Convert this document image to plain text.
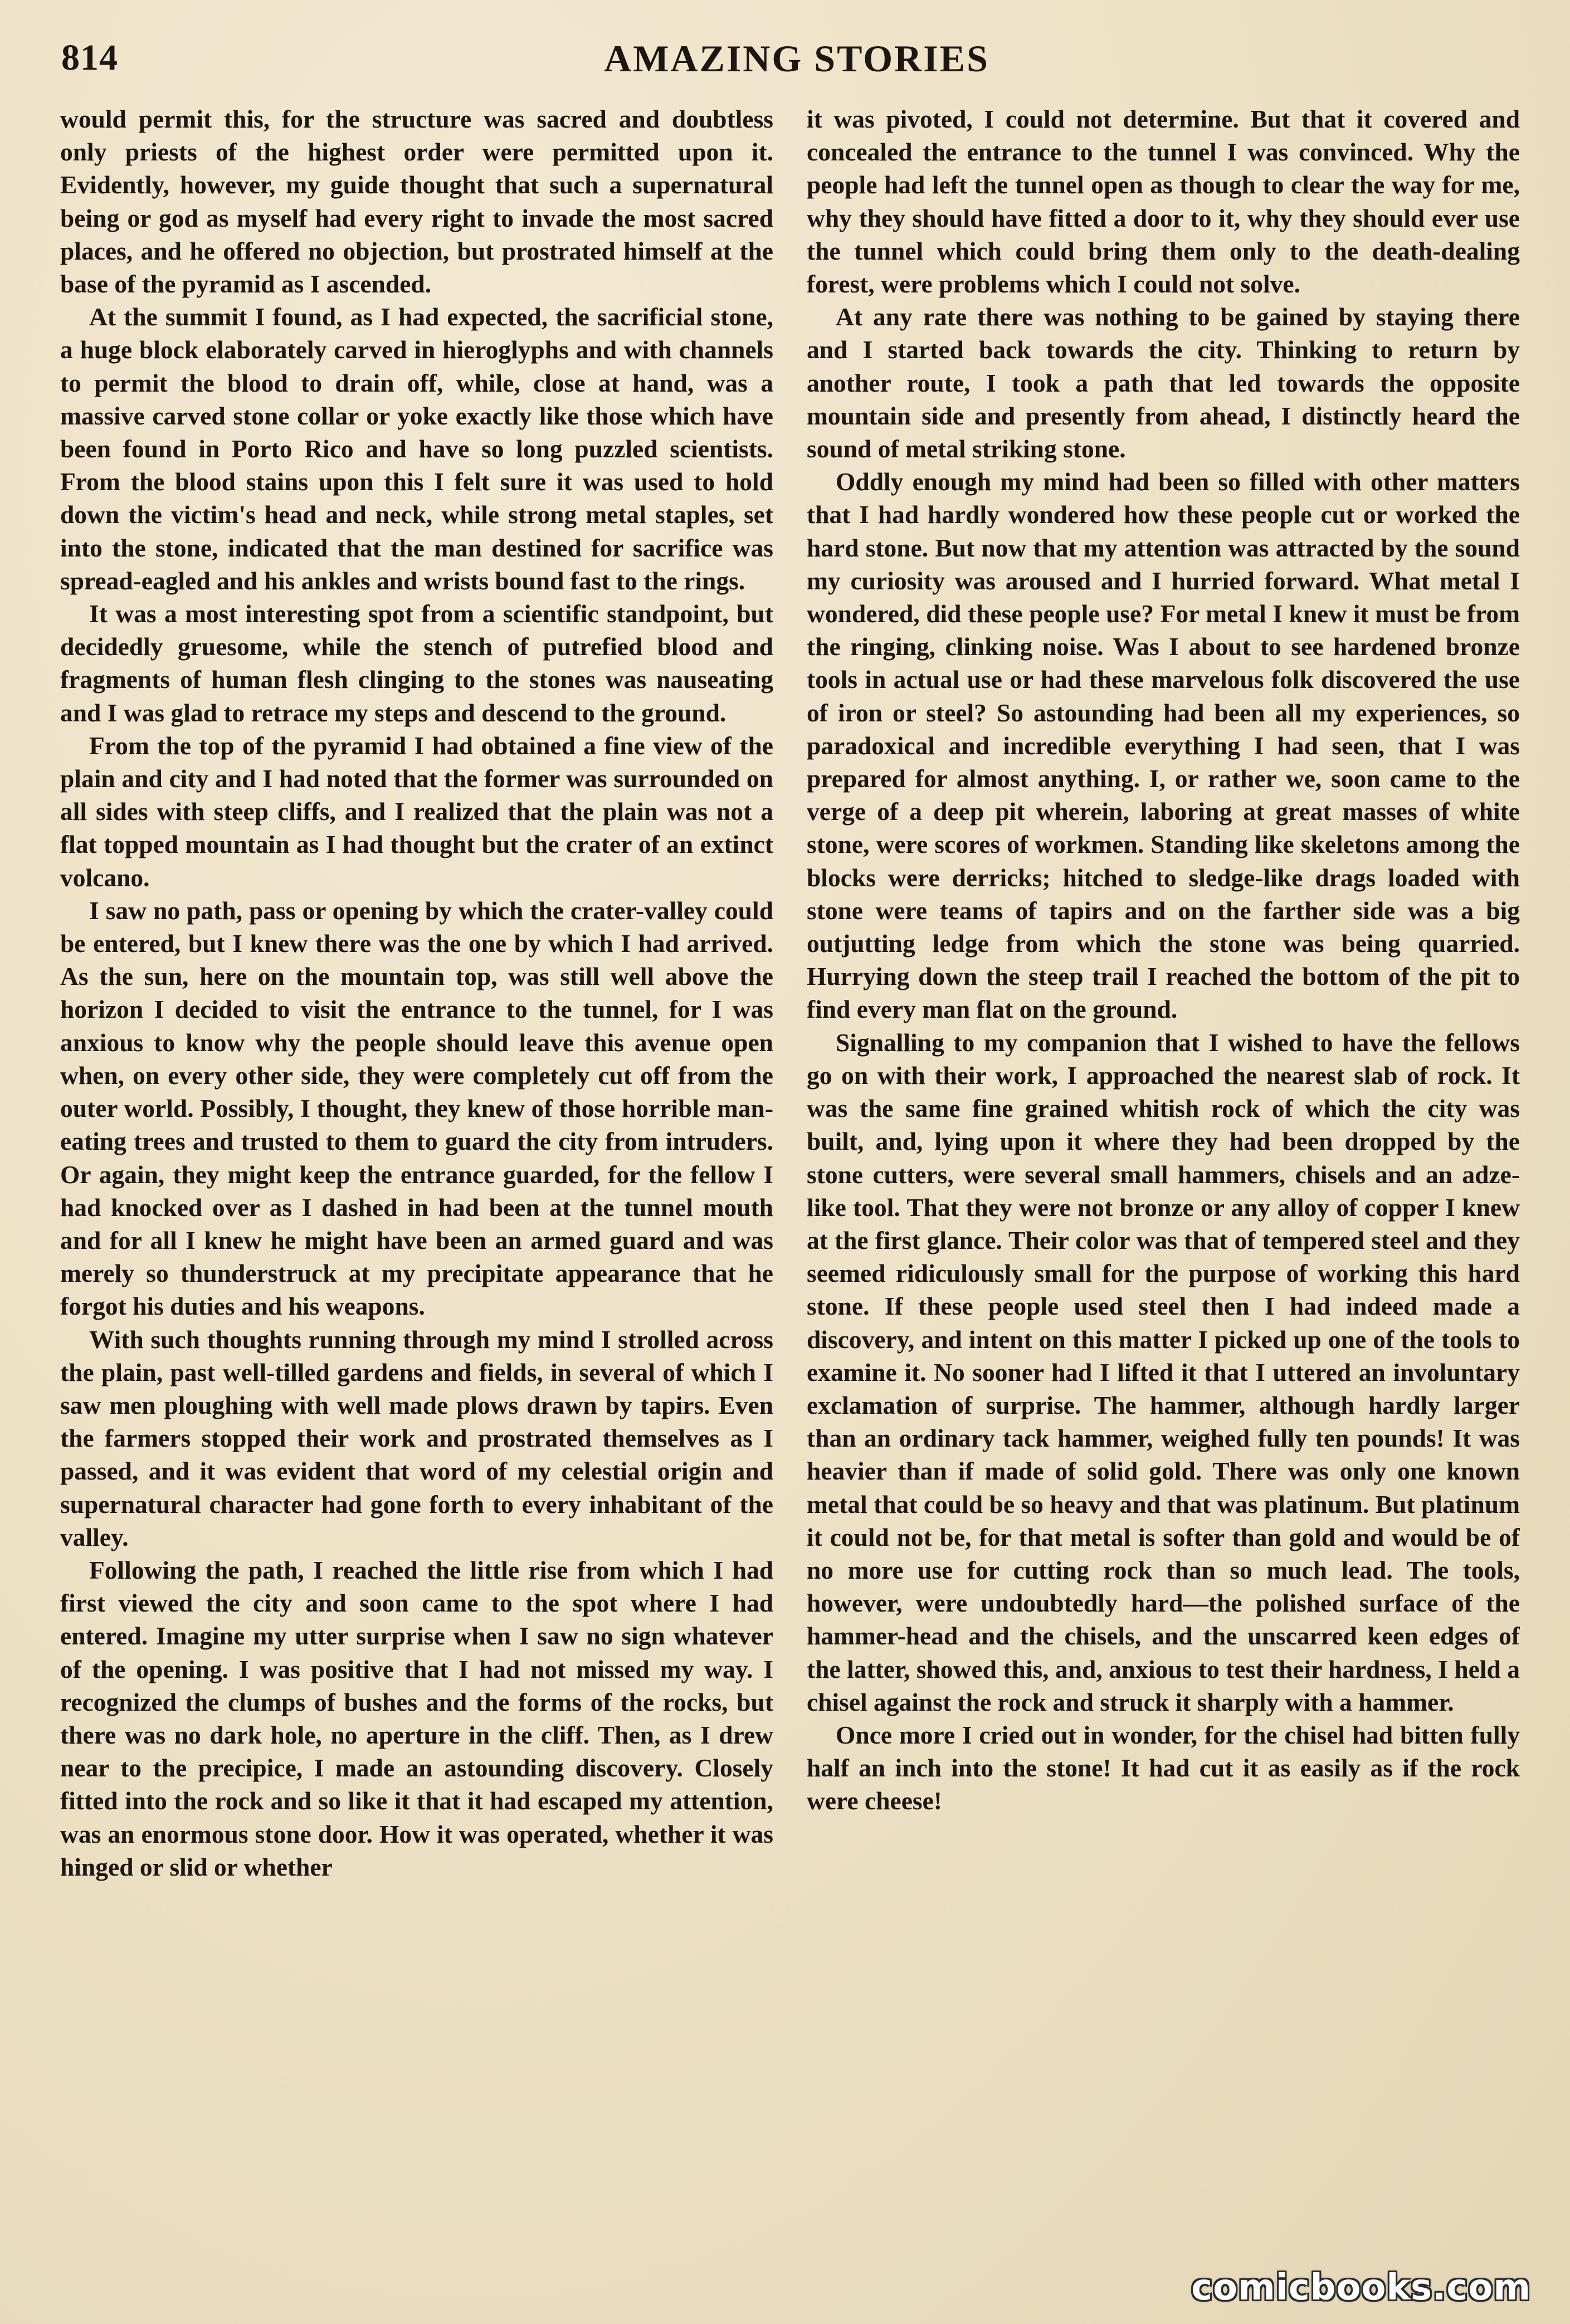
814	AMAZING STORIES

would permit this, for the structure was sacred and doubtless only priests of the highest order were permitted upon it. Evidently, however, my guide thought that such a supernatural being or god as myself had every right to invade the most sacred places, and he offered no objection, but prostrated himself at the base of the pyramid as I ascended.

At the summit I found, as I had expected, the sacrificial stone, a huge block elaborately carved in hieroglyphs and with channels to permit the blood to drain off, while, close at hand, was a massive carved stone collar or yoke exactly like those which have been found in Porto Rico and have so long puzzled scientists. From the blood stains upon this I felt sure it was used to hold down the victim's head and neck, while strong metal staples, set into the stone, indicated that the man destined for sacrifice was spread-eagled and his ankles and wrists bound fast to the rings.

It was a most interesting spot from a scientific standpoint, but decidedly gruesome, while the stench of putrefied blood and fragments of human flesh clinging to the stones was nauseating and I was glad to retrace my steps and descend to the ground.

From the top of the pyramid I had obtained a fine view of the plain and city and I had noted that the former was surrounded on all sides with steep cliffs, and I realized that the plain was not a flat topped mountain as I had thought but the crater of an extinct volcano.

I saw no path, pass or opening by which the crater-valley could be entered, but I knew there was the one by which I had arrived. As the sun, here on the mountain top, was still well above the horizon I decided to visit the entrance to the tunnel, for I was anxious to know why the people should leave this avenue open when, on every other side, they were completely cut off from the outer world. Possibly, I thought, they knew of those horrible man-eating trees and trusted to them to guard the city from intruders. Or again, they might keep the entrance guarded, for the fellow I had knocked over as I dashed in had been at the tunnel mouth and for all I knew he might have been an armed guard and was merely so thunderstruck at my precipitate appearance that he forgot his duties and his weapons.

With such thoughts running through my mind I strolled across the plain, past well-tilled gardens and fields, in several of which I saw men ploughing with well made plows drawn by tapirs. Even the farmers stopped their work and prostrated themselves as I passed, and it was evident that word of my celestial origin and supernatural character had gone forth to every inhabitant of the valley.

Following the path, I reached the little rise from which I had first viewed the city and soon came to the spot where I had entered. Imagine my utter surprise when I saw no sign whatever of the opening. I was positive that I had not missed my way. I recognized the clumps of bushes and the forms of the rocks, but there was no dark hole, no aperture in the cliff. Then, as I drew near to the precipice, I made an astounding discovery. Closely fitted into the rock and so like it that it had escaped my attention, was an enormous stone door. How it was operated, whether it was hinged or slid or whether

it was pivoted, I could not determine. But that it covered and concealed the entrance to the tunnel I was convinced. Why the people had left the tunnel open as though to clear the way for me, why they should have fitted a door to it, why they should ever use the tunnel which could bring them only to the death-dealing forest, were problems which I could not solve.

At any rate there was nothing to be gained by staying there and I started back towards the city. Thinking to return by another route, I took a path that led towards the opposite mountain side and presently from ahead, I distinctly heard the sound of metal striking stone.

Oddly enough my mind had been so filled with other matters that I had hardly wondered how these people cut or worked the hard stone. But now that my attention was attracted by the sound my curiosity was aroused and I hurried forward. What metal I wondered, did these people use? For metal I knew it must be from the ringing, clinking noise. Was I about to see hardened bronze tools in actual use or had these marvelous folk discovered the use of iron or steel? So astounding had been all my experiences, so paradoxical and incredible everything I had seen, that I was prepared for almost anything. I, or rather we, soon came to the verge of a deep pit wherein, laboring at great masses of white stone, were scores of workmen. Standing like skeletons among the blocks were derricks; hitched to sledge-like drags loaded with stone were teams of tapirs and on the farther side was a big outjutting ledge from which the stone was being quarried. Hurrying down the steep trail I reached the bottom of the pit to find every man flat on the ground.

Signalling to my companion that I wished to have the fellows go on with their work, I approached the nearest slab of rock. It was the same fine grained whitish rock of which the city was built, and, lying upon it where they had been dropped by the stone cutters, were several small hammers, chisels and an adze-like tool. That they were not bronze or any alloy of copper I knew at the first glance. Their color was that of tempered steel and they seemed ridiculously small for the purpose of working this hard stone. If these people used steel then I had indeed made a discovery, and intent on this matter I picked up one of the tools to examine it. No sooner had I lifted it that I uttered an involuntary exclamation of surprise. The hammer, although hardly larger than an ordinary tack hammer, weighed fully ten pounds! It was heavier than if made of solid gold. There was only one known metal that could be so heavy and that was platinum. But platinum it could not be, for that metal is softer than gold and would be of no more use for cutting rock than so much lead. The tools, however, were undoubtedly hard—the polished surface of the hammer-head and the chisels, and the unscarred keen edges of the latter, showed this, and, anxious to test their hardness, I held a chisel against the rock and struck it sharply with a hammer.

Once more I cried out in wonder, for the chisel had bitten fully half an inch into the stone! It had cut it as easily as if the rock were cheese!

comicbooks.com
